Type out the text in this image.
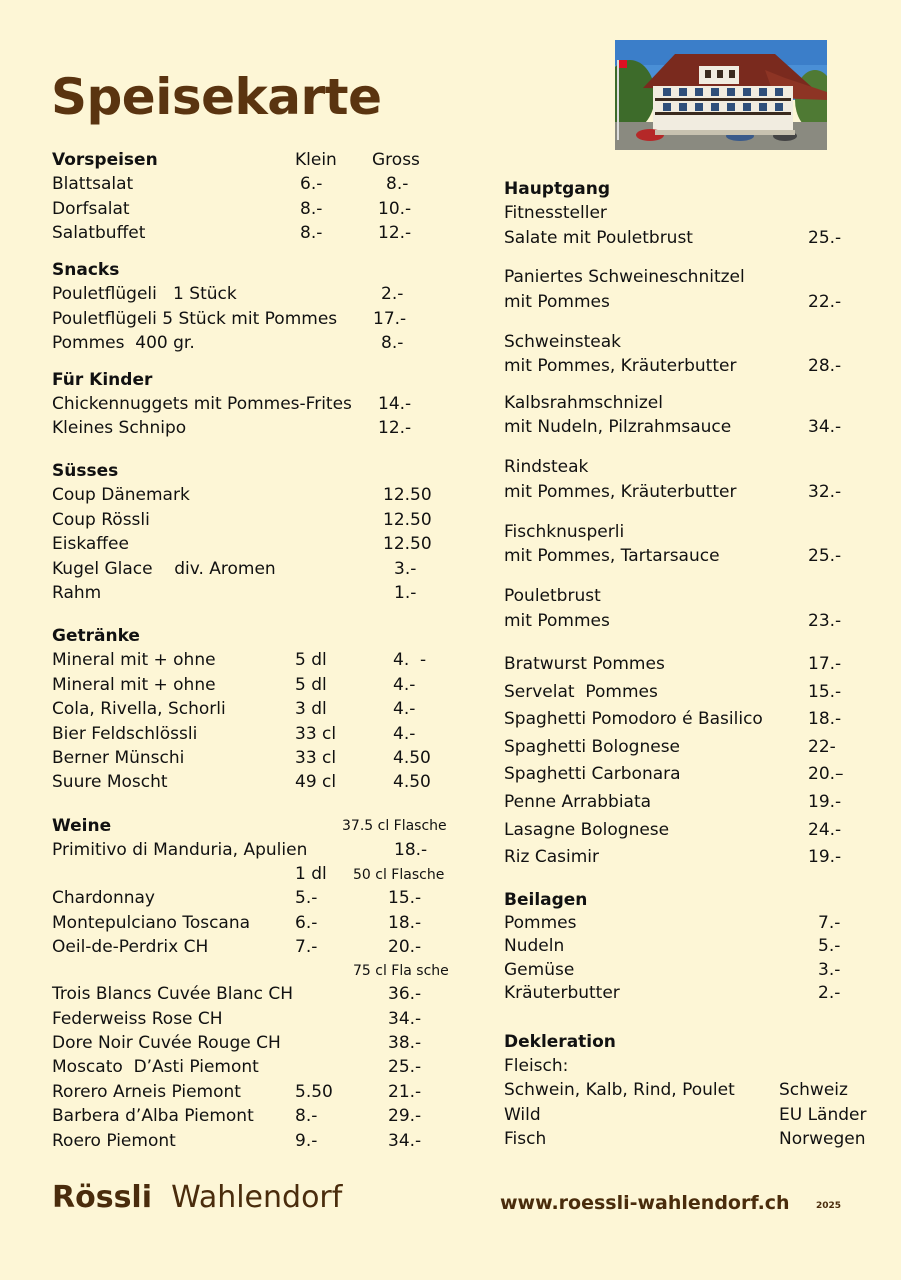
Speisekarte
Vorspeisen	Klein Gross
Blattsalat	6.-	8.-
Dorfsalat	8.-	10.-
Salatbuffet	8.-	12.-
Snacks
Pouletflügeli   1 Stück	2.-
Pouletflügeli 5 Stück mit Pommes 17.-
Pommes  400 gr.	8.-
Für Kinder
Chickennuggets mit Pommes-Frites 14.-
Kleines Schnipo	12.-
Süsses
Coup Dänemark	12.50
Coup Rössli	12.50
Eiskaffee	12.50
Kugel Glace    div. Aromen	3.-
Rahm	1.-
Getränke
Mineral mit + ohne	5 dl	4.  -
Mineral mit + ohne	5 dl	4.-
Cola, Rivella, Schorli	3 dl	4.-
Bier Feldschlössli	33 cl	4.-
Berner Münschi	33 cl	4.50
Suure Moscht	49 cl	4.50
Weine	37.5 cl Flasche
Primitivo di Manduria, Apulien	18.-
1 dl 50 cl Flasche
Chardonnay	5.-	15.-
Montepulciano Toscana	6.-	18.-
Oeil-de-Perdrix CH	7.-	20.-
75 cl Fla sche
Trois Blancs Cuvée Blanc CH	36.-
Federweiss Rose CH	34.-
Dore Noir Cuvée Rouge CH	38.-
Moscato  D’Asti Piemont	25.-
Rorero Arneis Piemont	5.50	21.-
Barbera d’Alba Piemont 8.-	29.-
Roero Piemont	9.-	34.-
Hauptgang
Fitnessteller
Salate mit Pouletbrust	25.-
Paniertes Schweineschnitzel
mit Pommes	22.-
Schweinsteak
mit Pommes, Kräuterbutter	28.-
Kalbsrahmschnizel
mit Nudeln, Pilzrahmsauce	34.-
Rindsteak
mit Pommes, Kräuterbutter	32.-
Fischknusperli
mit Pommes, Tartarsauce	25.-
Pouletbrust
mit Pommes	23.-
Bratwurst Pommes	17.-
Servelat  Pommes	15.-
Spaghetti Pomodoro é Basilico	18.-
Spaghetti Bolognese	22-
Spaghetti Carbonara	20.–
Penne Arrabbiata	19.-
Lasagne Bolognese	24.-
Riz Casimir	19.-
Beilagen
Pommes	7.-
Nudeln	5.-
Gemüse	3.-
Kräuterbutter	2.-
Dekleration
Fleisch:
Schwein, Kalb, Rind, Poulet	Schweiz
Wild	EU Länder
Fisch	Norwegen
Rössli Wahlendorf	www.roessli-wahlendorf.ch	2025
